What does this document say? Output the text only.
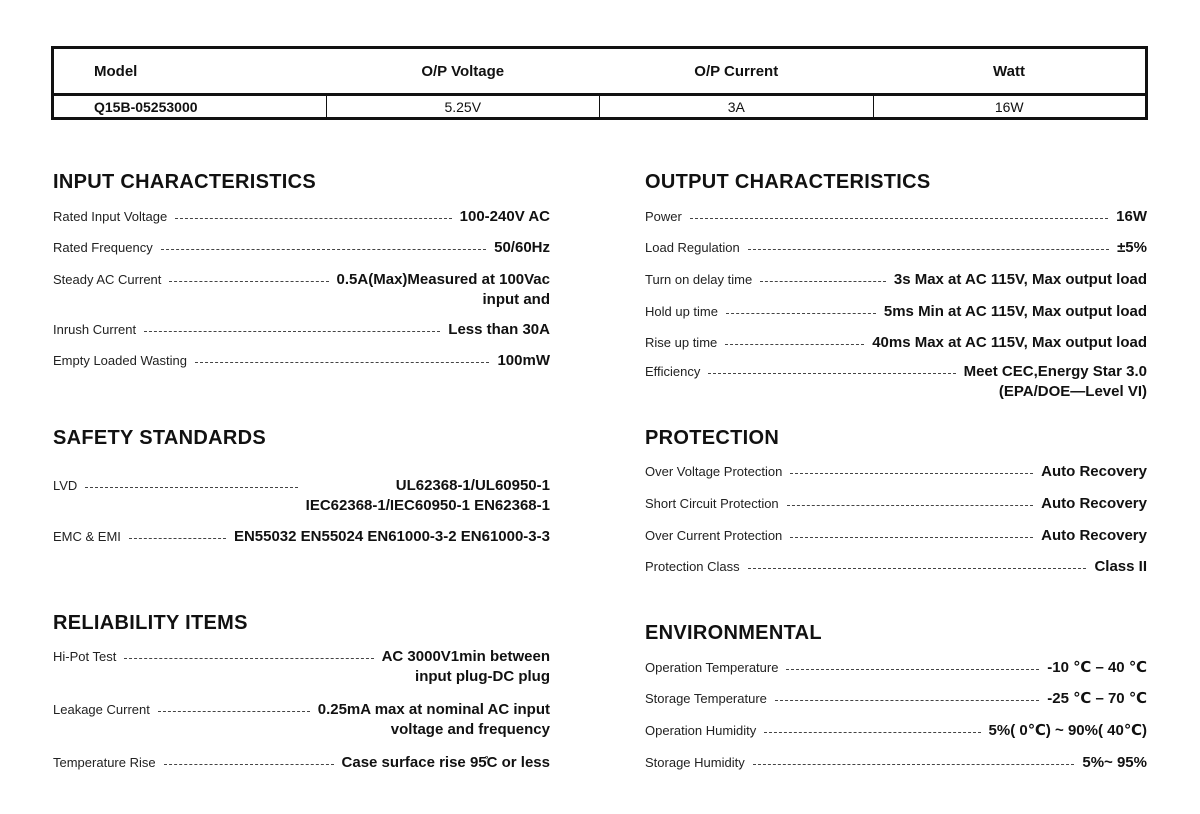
Model	O/P Voltage	O/P Current	Watt
Q15B-05253000	5.25V	3A	16W
INPUT CHARACTERISTICS
Rated Input Voltage	100-240V AC
Rated Frequency	50/60Hz
Steady AC Current	0.5A(Max)Measured at 100Vac
input and
Inrush Current	Less than 30A
Empty Loaded Wasting	100mW
SAFETY STANDARDS
LVD	UL62368-1/UL60950-1
IEC62368-1/IEC60950-1 EN62368-1
EMC & EMI	EN55032 EN55024 EN61000-3-2 EN61000-3-3
RELIABILITY ITEMS
Hi-Pot Test	AC 3000V1min between
input plug-DC plug
Leakage Current	0.25mA max at nominal AC input
voltage and frequency
Temperature Rise	Case surface rise 95̊C or less
OUTPUT CHARACTERISTICS
Power	16W
Load Regulation	±5%
Turn on delay time	3s Max at AC 115V, Max output load
Hold up time	5ms Min at AC 115V, Max output load
Rise up time	40ms Max at AC 115V, Max output load
Efficiency	Meet CEC,Energy Star 3.0
(EPA/DOE—Level VI)
PROTECTION
Over Voltage Protection	Auto Recovery
Short Circuit Protection	Auto Recovery
Over Current Protection	Auto Recovery
Protection Class	Class II
ENVIRONMENTAL
Operation Temperature	-10 ℃ – 40 ℃
Storage Temperature	-25 ℃ – 70 ℃
Operation Humidity	5%( 0℃) ~ 90%( 40℃)
Storage Humidity	5%~ 95%
